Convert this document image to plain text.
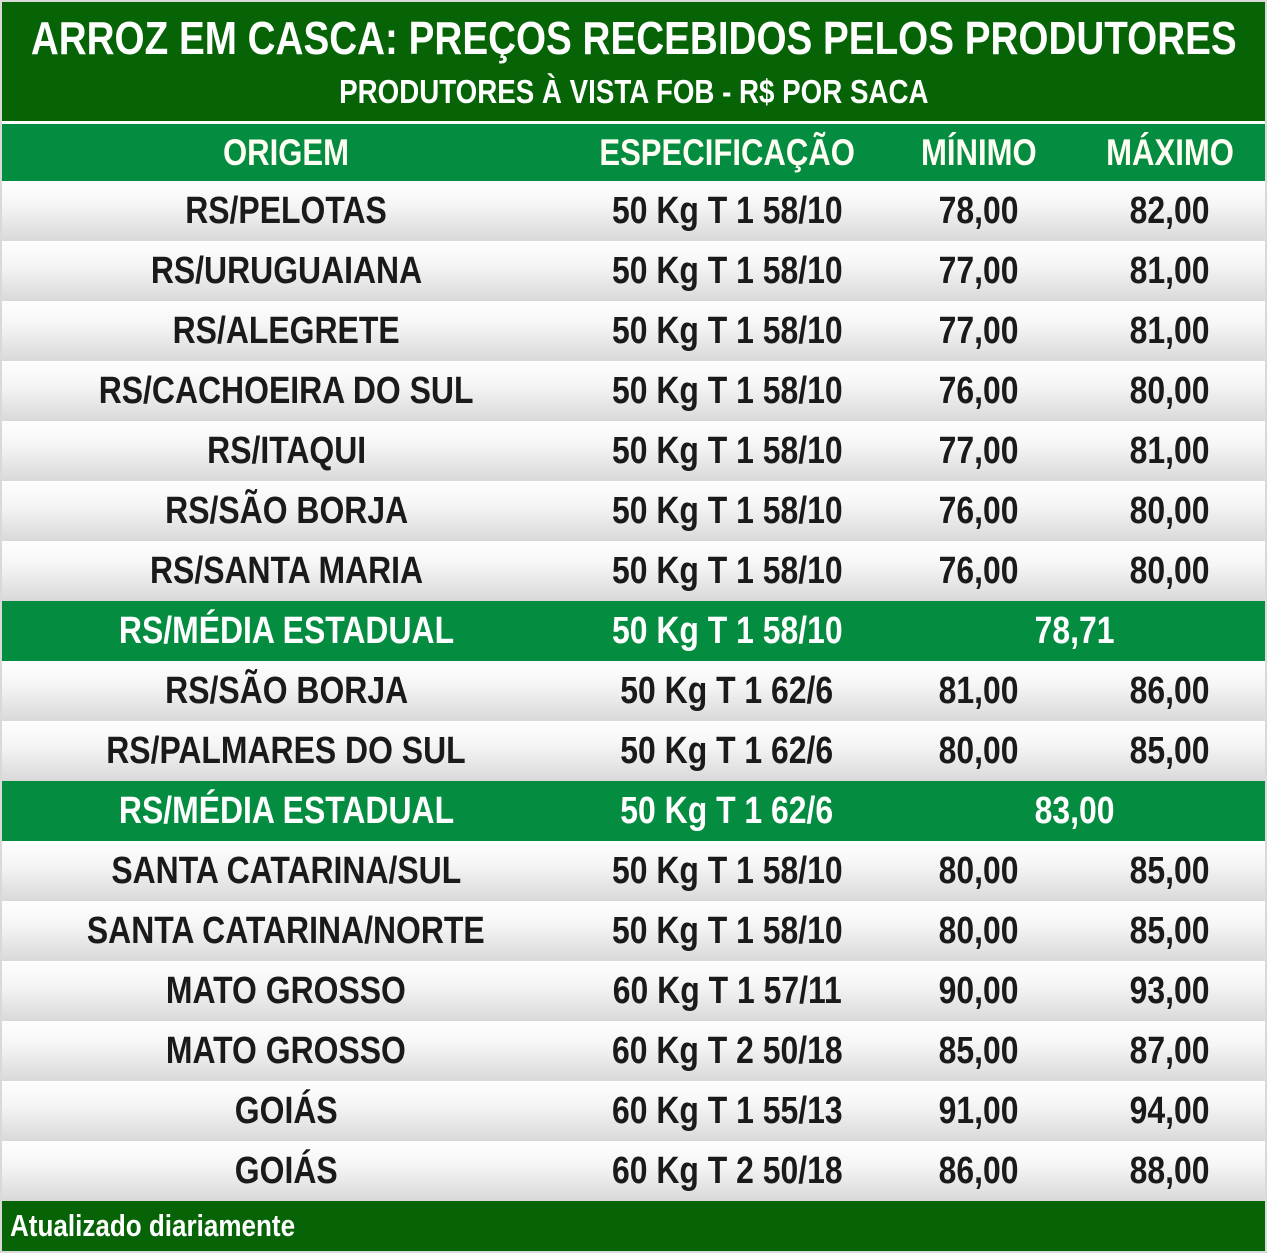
ARROZ EM CASCA: PREÇOS RECEBIDOS PELOS PRODUTORES
PRODUTORES À VISTA FOB - R$ POR SACA
ORIGEM	ESPECIFICAÇÃO	MÍNIMO	MÁXIMO
RS/PELOTAS	50 Kg T 1 58/10	78,00	82,00
RS/URUGUAIANA	50 Kg T 1 58/10	77,00	81,00
RS/ALEGRETE	50 Kg T 1 58/10	77,00	81,00
RS/CACHOEIRA DO SUL	50 Kg T 1 58/10	76,00	80,00
RS/ITAQUI	50 Kg T 1 58/10	77,00	81,00
RS/SÃO BORJA	50 Kg T 1 58/10	76,00	80,00
RS/SANTA MARIA	50 Kg T 1 58/10	76,00	80,00
RS/MÉDIA ESTADUAL	50 Kg T 1 58/10	78,71
RS/SÃO BORJA	50 Kg T 1 62/6	81,00	86,00
RS/PALMARES DO SUL	50 Kg T 1 62/6	80,00	85,00
RS/MÉDIA ESTADUAL	50 Kg T 1 62/6	83,00
SANTA CATARINA/SUL	50 Kg T 1 58/10	80,00	85,00
SANTA CATARINA/NORTE	50 Kg T 1 58/10	80,00	85,00
MATO GROSSO	60 Kg T 1 57/11	90,00	93,00
MATO GROSSO	60 Kg T 2 50/18	85,00	87,00
GOIÁS	60 Kg T 1 55/13	91,00	94,00
GOIÁS	60 Kg T 2 50/18	86,00	88,00
Atualizado diariamente
